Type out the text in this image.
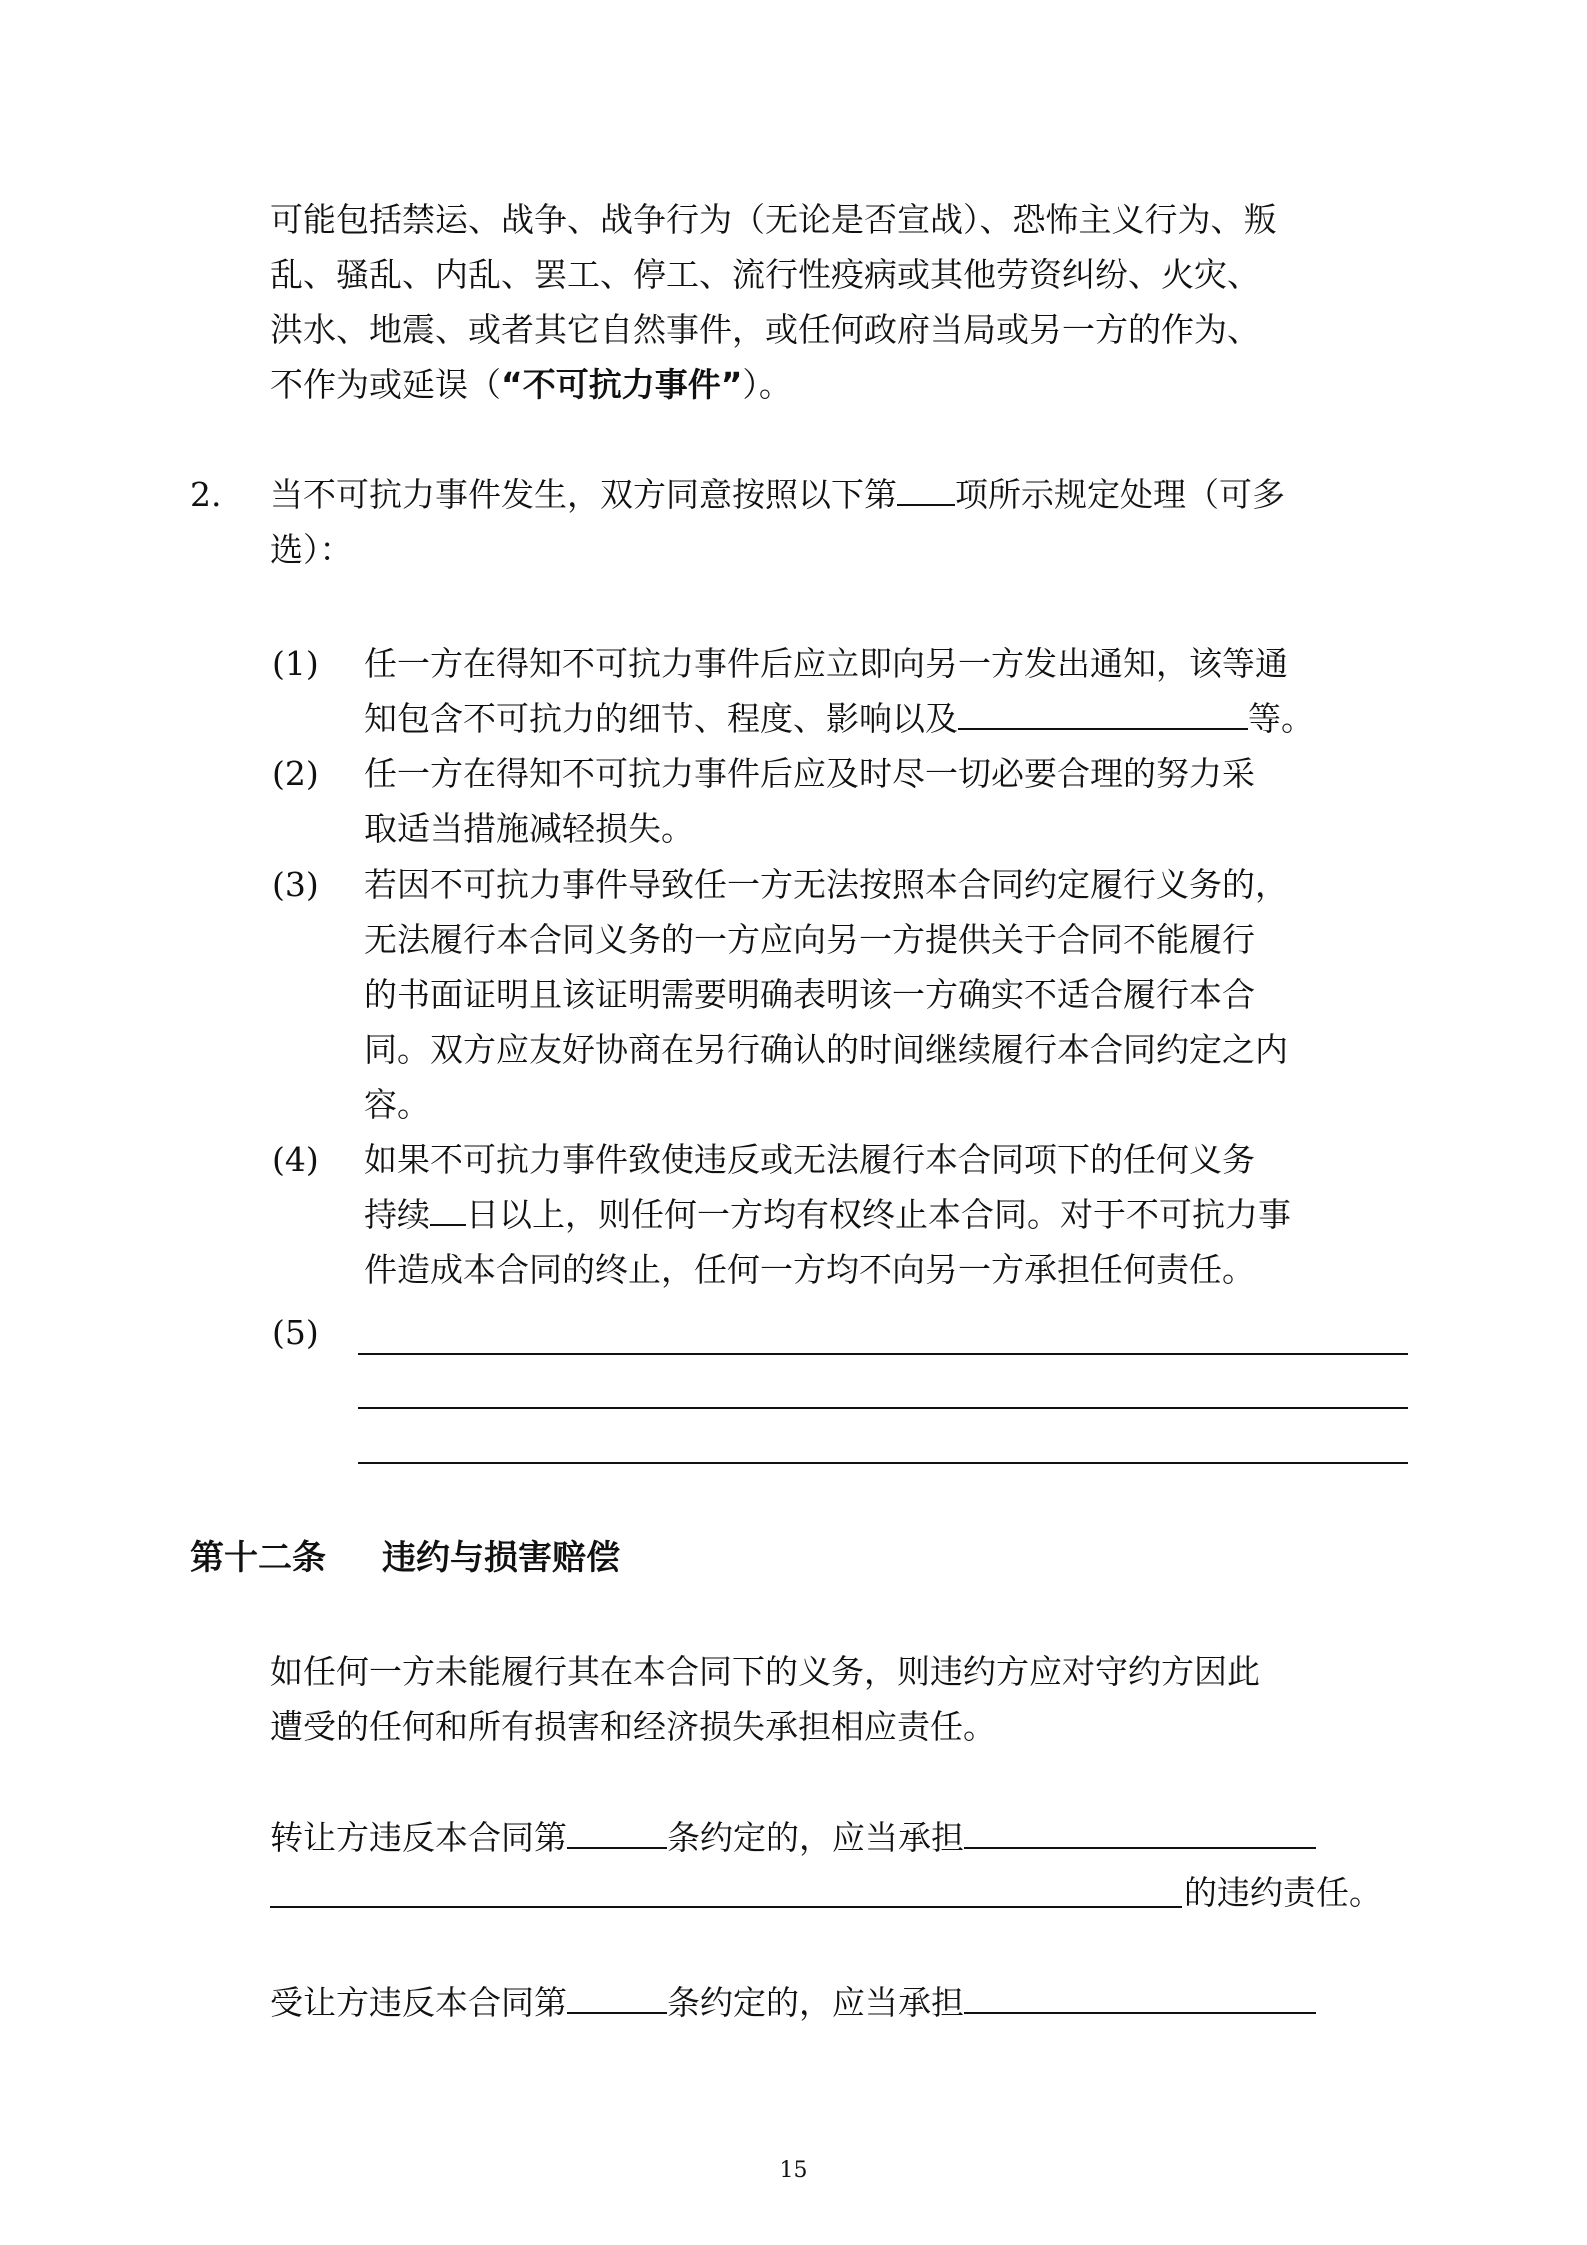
可能包括禁运、战争、战争行为（无论是否宣战）、恐怖主义行为、叛
乱、骚乱、内乱、罢工、停工、流行性疫病或其他劳资纠纷、火灾、
洪水、地震、或者其它自然事件，或任何政府当局或另一方的作为、
不作为或延误（“不可抗力事件”）。
2. 当不可抗力事件发生，双方同意按照以下第 项所示规定处理（可多
选）：
(1) 任一方在得知不可抗力事件后应立即向另一方发出通知，该等通
知包含不可抗力的细节、程度、影响以及	等。
(2) 任一方在得知不可抗力事件后应及时尽一切必要合理的努力采
取适当措施减轻损失。
(3) 若因不可抗力事件导致任一方无法按照本合同约定履行义务的，
无法履行本合同义务的一方应向另一方提供关于合同不能履行
的书面证明且该证明需要明确表明该一方确实不适合履行本合
同。双方应友好协商在另行确认的时间继续履行本合同约定之内
容。
(4) 如果不可抗力事件致使违反或无法履行本合同项下的任何义务
持续 日以上，则任何一方均有权终止本合同。对于不可抗力事
件造成本合同的终止，任何一方均不向另一方承担任何责任。
(5)
第十二条 违约与损害赔偿
如任何一方未能履行其在本合同下的义务，则违约方应对守约方因此
遭受的任何和所有损害和经济损失承担相应责任。
转让方违反本合同第	条约定的，应当承担
的违约责任。
受让方违反本合同第	条约定的，应当承担
15
